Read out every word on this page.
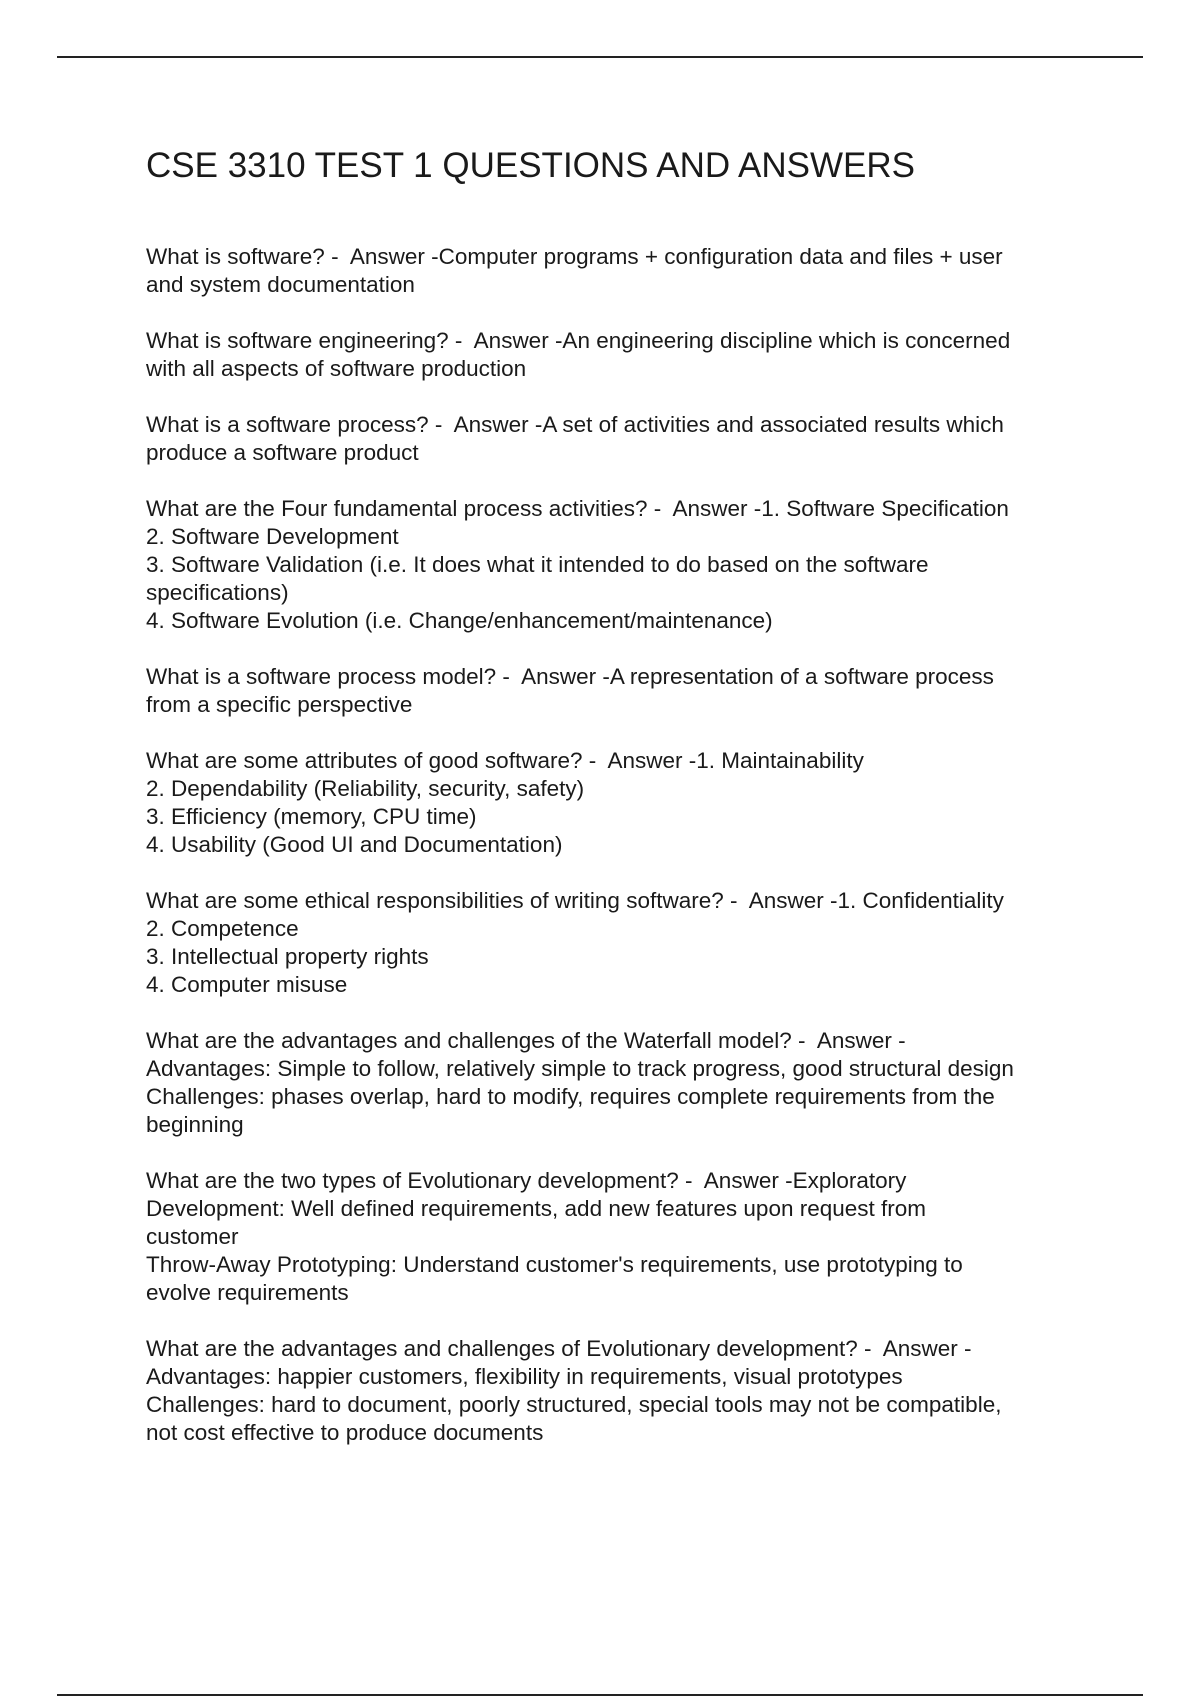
CSE 3310 TEST 1 QUESTIONS AND ANSWERS
What is software? -  Answer -Computer programs + configuration data and files + user
and system documentation
What is software engineering? -  Answer -An engineering discipline which is concerned
with all aspects of software production
What is a software process? -  Answer -A set of activities and associated results which
produce a software product
What are the Four fundamental process activities? -  Answer -1. Software Specification
2. Software Development
3. Software Validation (i.e. It does what it intended to do based on the software
specifications)
4. Software Evolution (i.e. Change/enhancement/maintenance)
What is a software process model? -  Answer -A representation of a software process
from a specific perspective
What are some attributes of good software? -  Answer -1. Maintainability
2. Dependability (Reliability, security, safety)
3. Efficiency (memory, CPU time)
4. Usability (Good UI and Documentation)
What are some ethical responsibilities of writing software? -  Answer -1. Confidentiality
2. Competence
3. Intellectual property rights
4. Computer misuse
What are the advantages and challenges of the Waterfall model? -  Answer -
Advantages: Simple to follow, relatively simple to track progress, good structural design
Challenges: phases overlap, hard to modify, requires complete requirements from the
beginning
What are the two types of Evolutionary development? -  Answer -Exploratory
Development: Well defined requirements, add new features upon request from
customer
Throw-Away Prototyping: Understand customer's requirements, use prototyping to
evolve requirements
What are the advantages and challenges of Evolutionary development? -  Answer -
Advantages: happier customers, flexibility in requirements, visual prototypes
Challenges: hard to document, poorly structured, special tools may not be compatible,
not cost effective to produce documents
